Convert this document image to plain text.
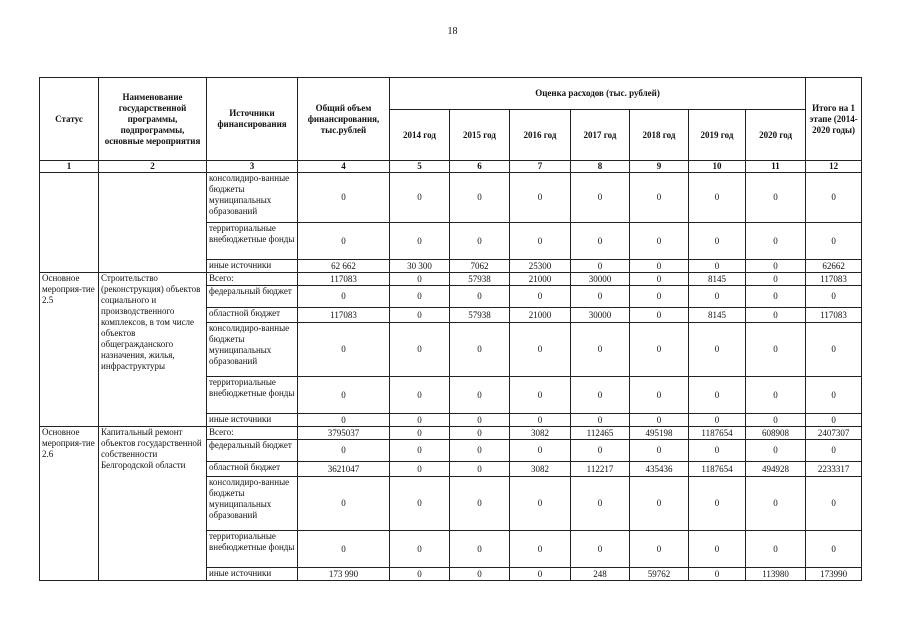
18
Статус	Наименование государственной программы, подпрограммы, основные мероприятия	Источники финансирования	Общий объем финансирования, тыс.рублей	Оценка расходов (тыс. рублей)							Итого на 1 этапе (2014-2020 годы)
				2014 год	2015 год	2016 год	2017 год	2018 год	2019 год	2020 год	
1	2	3	4	5	6	7	8	9	10	11	12
		консолидиро-ванные бюджеты муниципальных образований	0	0	0	0	0	0	0	0	0
		территориальные внебюджетные фонды	0	0	0	0	0	0	0	0	0
		иные источники	62 662	30 300	7062	25300	0	0	0	0	62662
Основное мероприя-тие 2.5	Строительство (реконструкция) объектов социального и производственного комплексов, в том числе объектов общегражданского назначения, жилья, инфраструктуры	Всего:	117083	0	57938	21000	30000	0	8145	0	117083
		федеральный бюджет	0	0	0	0	0	0	0	0	0
		областной бюджет	117083	0	57938	21000	30000	0	8145	0	117083
		консолидиро-ванные бюджеты муниципальных образований	0	0	0	0	0	0	0	0	0
		территориальные внебюджетные фонды	0	0	0	0	0	0	0	0	0
		иные источники	0	0	0	0	0	0	0	0	0
Основное мероприя-тие 2.6	Капитальный ремонт объектов государственной собственности Белгородской области	Всего:	3795037	0	0	3082	112465	495198	1187654	608908	2407307
		федеральный бюджет	0	0	0	0	0	0	0	0	0
		областной бюджет	3621047	0	0	3082	112217	435436	1187654	494928	2233317
		консолидиро-ванные бюджеты муниципальных образований	0	0	0	0	0	0	0	0	0
		территориальные внебюджетные фонды	0	0	0	0	0	0	0	0	0
		иные источники	173 990	0	0	0	248	59762	0	113980	173990
